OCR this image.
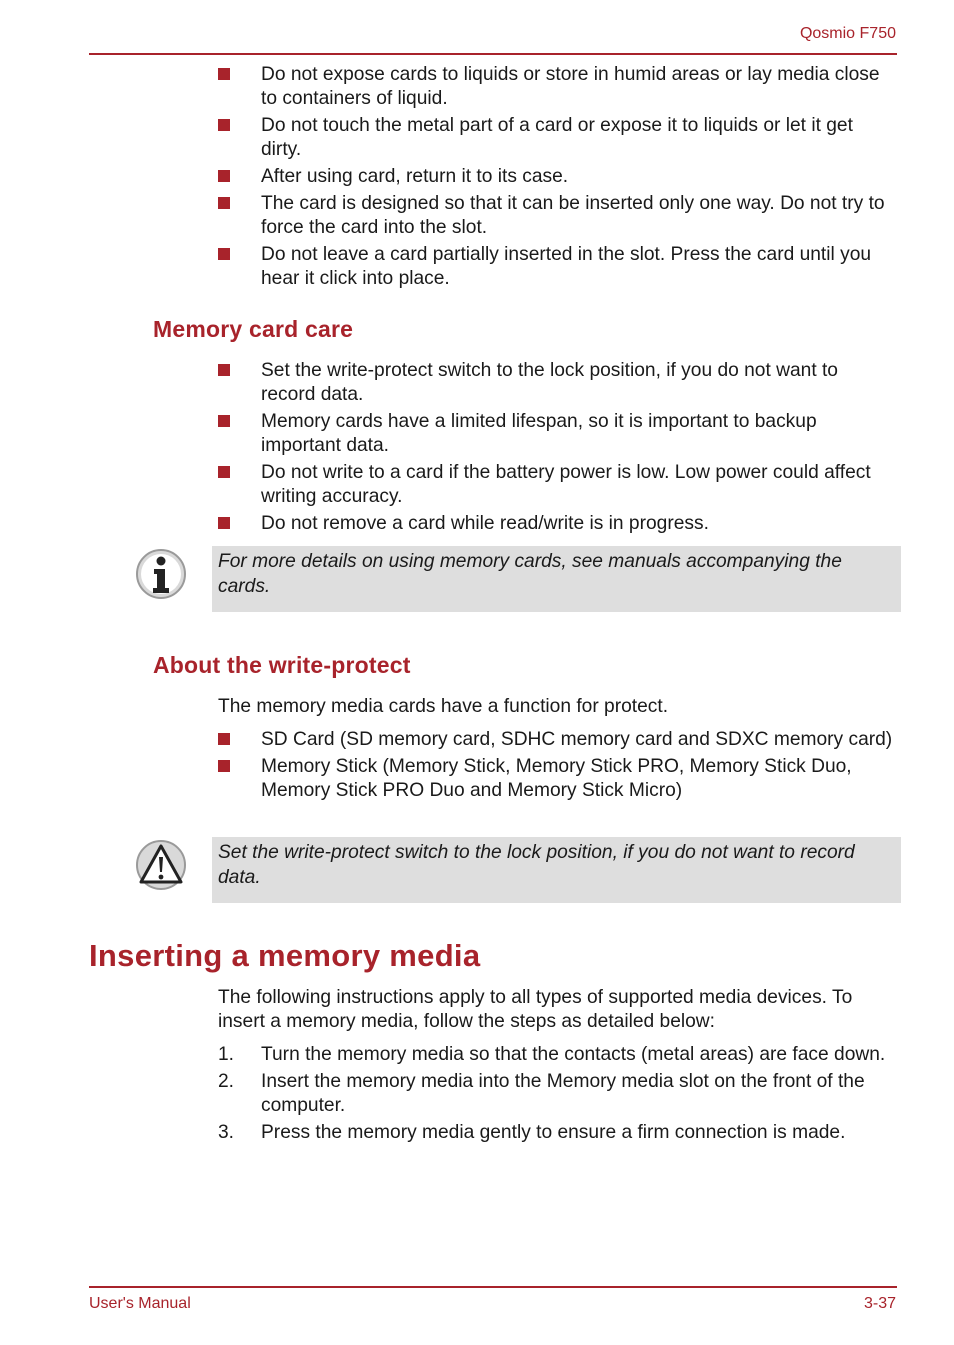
Qosmio F750
Do not expose cards to liquids or store in humid areas or lay media close to containers of liquid.
Do not touch the metal part of a card or expose it to liquids or let it get dirty.
After using card, return it to its case.
The card is designed so that it can be inserted only one way. Do not try to force the card into the slot.
Do not leave a card partially inserted in the slot. Press the card until you hear it click into place.
Memory card care
Set the write-protect switch to the lock position, if you do not want to record data.
Memory cards have a limited lifespan, so it is important to backup important data.
Do not write to a card if the battery power is low. Low power could affect writing accuracy.
Do not remove a card while read/write is in progress.
For more details on using memory cards, see manuals accompanying the cards.
About the write-protect

The memory media cards have a function for protect.

SD Card (SD memory card, SDHC memory card and SDXC memory card)
Memory Stick (Memory Stick, Memory Stick PRO, Memory Stick Duo, Memory Stick PRO Duo and Memory Stick Micro)
Set the write-protect switch to the lock position, if you do not want to record data.
Inserting a memory media

The following instructions apply to all types of supported media devices. To insert a memory media, follow the steps as detailed below:

1. Turn the memory media so that the contacts (metal areas) are face down.
2. Insert the memory media into the Memory media slot on the front of the computer.
3. Press the memory media gently to ensure a firm connection is made.
User's Manual	3-37
